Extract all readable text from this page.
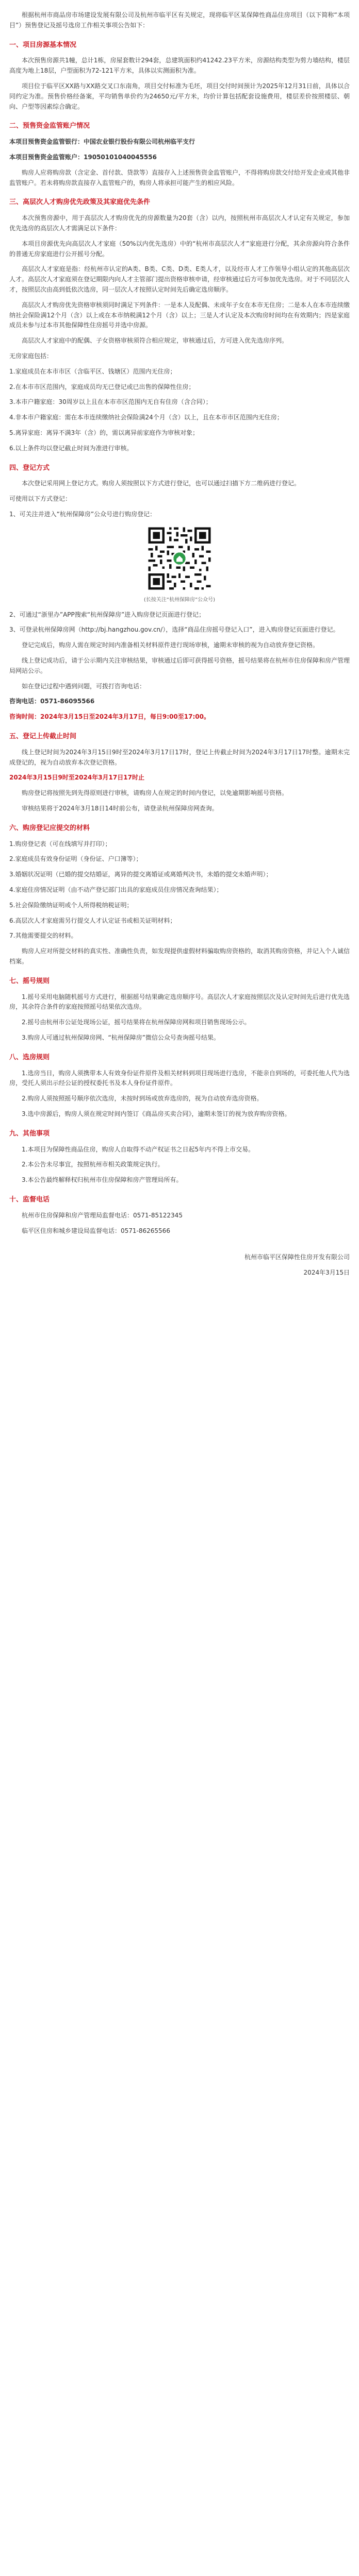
根据杭州市商品房市场建设发展有限公司及杭州市临平区有关规定，现将临平区某保障性商品住房项目（以下简称“本项目”）预售登记及摇号选房工作相关事项公告如下：

一、项目房源基本情况

本次预售房源共1幢，总计1栋，房屋套数计294套，总建筑面积约41242.23平方米，房源结构类型为剪力墙结构，楼层高度为地上18层，户型面积为72-121平方米，具体以实测面积为准。

项目位于临平区XX路与XX路交叉口东南角，项目交付标准为毛坯，项目交付时间预计为2025年12月31日前，具体以合同约定为准。预售价格经备案，平均销售单价约为24650元/平方米，均价计算包括配套设施费用，楼层差价按照楼层、朝向、户型等因素综合确定。

二、预售资金监管账户情况

本项目预售资金监管银行：中国农业银行股份有限公司杭州临平支行

本项目预售资金监管账户：19050101040045556

购房人应将购房款（含定金、首付款、贷款等）直接存入上述预售资金监管账户，不得将购房款交付给开发企业或其他非监管账户。若未将购房款直接存入监管账户的，购房人将承担可能产生的相应风险。

三、高层次人才购房优先政策及其家庭优先条件

本次预售房源中，用于高层次人才购房优先的房源数量为20套（含）以内，按照杭州市高层次人才认定有关规定，参加优先选房的高层次人才需满足以下条件：

本项目房源优先向高层次人才家庭（50%以内优先选房）中的“杭州市高层次人才”家庭进行分配，其余房源向符合条件的普通无房家庭进行公开摇号分配。

高层次人才家庭是指：经杭州市认定的A类、B类、C类、D类、E类人才，以及经市人才工作领导小组认定的其他高层次人才。高层次人才家庭须在登记期限内向人才主管部门提出资格审核申请，经审核通过后方可参加优先选房。对于不同层次人才，按照层次由高到低依次选房，同一层次人才按照认定时间先后确定选房顺序。

高层次人才购房优先资格审核须同时满足下列条件：一是本人及配偶、未成年子女在本市无住房；二是本人在本市连续缴纳社会保险满12个月（含）以上或在本市纳税满12个月（含）以上；三是人才认定及本次购房时间均在有效期内；四是家庭成员未参与过本市其他保障性住房摇号并选中房源。

高层次人才家庭中的配偶、子女资格审核须符合相应规定，审核通过后，方可进入优先选房序列。

无房家庭包括：

1.家庭成员在本市市区（含临平区、钱塘区）范围内无住房；

2.在本市市区范围内，家庭成员均无已登记或已出售的保障性住房；

3.本市户籍家庭：30周岁以上且在本市市区范围内无自有住房（含合同）；

4.非本市户籍家庭：需在本市连续缴纳社会保险满24个月（含）以上，且在本市市区范围内无住房；

5.离异家庭：离异不满3年（含）的，需以离异前家庭作为审核对象；

6.以上条件均以登记截止时间为准进行审核。

四、登记方式

本次登记采用网上登记方式。购房人须按照以下方式进行登记，也可以通过扫描下方二维码进行登记。

可使用以下方式登记：

1、可关注并进入“杭州保障房”公众号进行购房登记：

(长按关注“杭州保障房”公众号)

2、可通过“浙里办”APP搜索“杭州保障房”进入购房登记页面进行登记；

3、可登录杭州保障房网（http://bj.hangzhou.gov.cn/），选择“商品住房摇号登记入口”，进入购房登记页面进行登记。

登记完成后，购房人需在规定时间内准备相关材料原件进行现场审核，逾期未审核的视为自动放弃登记资格。

线上登记成功后，请于公示期内关注审核结果，审核通过后即可获得摇号资格，摇号结果将在杭州市住房保障和房产管理局网站公示。

如在登记过程中遇到问题，可拨打咨询电话：

咨询电话：0571-86095566

咨询时间：2024年3月15日至2024年3月17日，每日9:00至17:00。

五、登记上传截止时间

线上登记时间为2024年3月15日9时至2024年3月17日17时，登记上传截止时间为2024年3月17日17时整。逾期未完成登记的，视为自动放弃本次登记资格。

2024年3月15日9时至2024年3月17日17时止

购房登记将按照先到先得原则进行审核，请购房人在规定的时间内登记，以免逾期影响摇号资格。

审核结果将于2024年3月18日14时前公布，请登录杭州保障房网查询。

六、购房登记应提交的材料

1.购房登记表（可在线填写并打印）；

2.家庭成员有效身份证明（身份证、户口簿等）；

3.婚姻状况证明（已婚的提交结婚证，离异的提交离婚证或离婚判决书，未婚的提交未婚声明）；

4.家庭住房情况证明（由不动产登记部门出具的家庭成员住房情况查询结果）；

5.社会保险缴纳证明或个人所得税纳税证明；

6.高层次人才家庭需另行提交人才认定证书或相关证明材料；

7.其他需要提交的材料。

购房人应对所提交材料的真实性、准确性负责，如发现提供虚假材料骗取购房资格的，取消其购房资格，并记入个人诚信档案。

七、摇号规则

1.摇号采用电脑随机摇号方式进行，根据摇号结果确定选房顺序号。高层次人才家庭按照层次及认定时间先后进行优先选房，其余符合条件的家庭按照摇号结果依次选房。

2.摇号由杭州市公证处现场公证，摇号结果将在杭州保障房网和项目销售现场公示。

3.购房人可通过杭州保障房网、“杭州保障房”微信公众号查询摇号结果。

八、选房规则

1.选房当日，购房人须携带本人有效身份证件原件及相关材料到项目现场进行选房，不能亲自到场的，可委托他人代为选房，受托人须出示经公证的授权委托书及本人身份证件原件。

2.购房人须按照摇号顺序依次选房，未按时到场或放弃选房的，视为自动放弃选房资格。

3.选中房源后，购房人须在规定时间内签订《商品房买卖合同》，逾期未签订的视为放弃购房资格。

九、其他事项

1.本项目为保障性商品住房，购房人自取得不动产权证书之日起5年内不得上市交易。

2.本公告未尽事宜，按照杭州市相关政策规定执行。

3.本公告最终解释权归杭州市住房保障和房产管理局所有。

十、监督电话

杭州市住房保障和房产管理局监督电话：0571-85122345

临平区住房和城乡建设局监督电话：0571-86265566

杭州市临平区保障性住房开发有限公司

2024年3月15日
